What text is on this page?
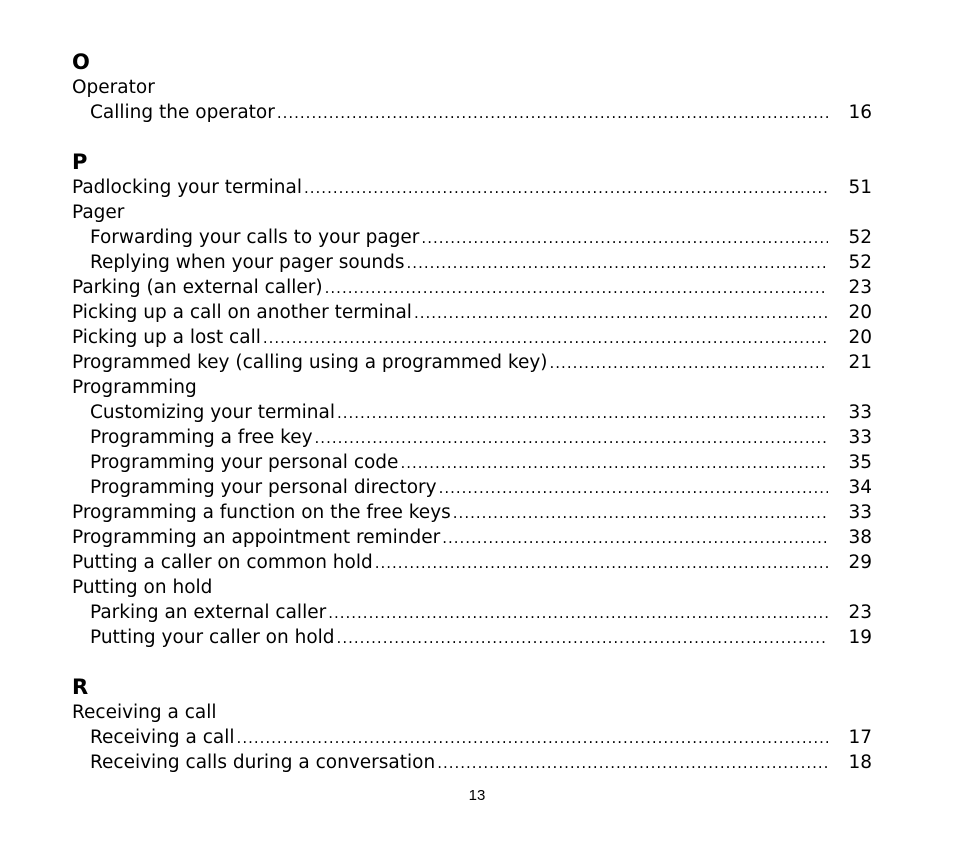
O
Operator
Calling the operator .....	16
P
Padlocking your terminal .....	51
Pager
Forwarding your calls to your pager .....	52
Replying when your pager sounds .....	52
Parking (an external caller) .....	23
Picking up a call on another terminal .....	20
Picking up a lost call .....	20
Programmed key (calling using a programmed key) .....	21
Programming
Customizing your terminal .....	33
Programming a free key .....	33
Programming your personal code .....	35
Programming your personal directory .....	34
Programming a function on the free keys .....	33
Programming an appointment reminder .....	38
Putting a caller on common hold .....	29
Putting on hold
Parking an external caller .....	23
Putting your caller on hold .....	19
R
Receiving a call
Receiving a call .....	17
Receiving calls during a conversation .....	18
13
